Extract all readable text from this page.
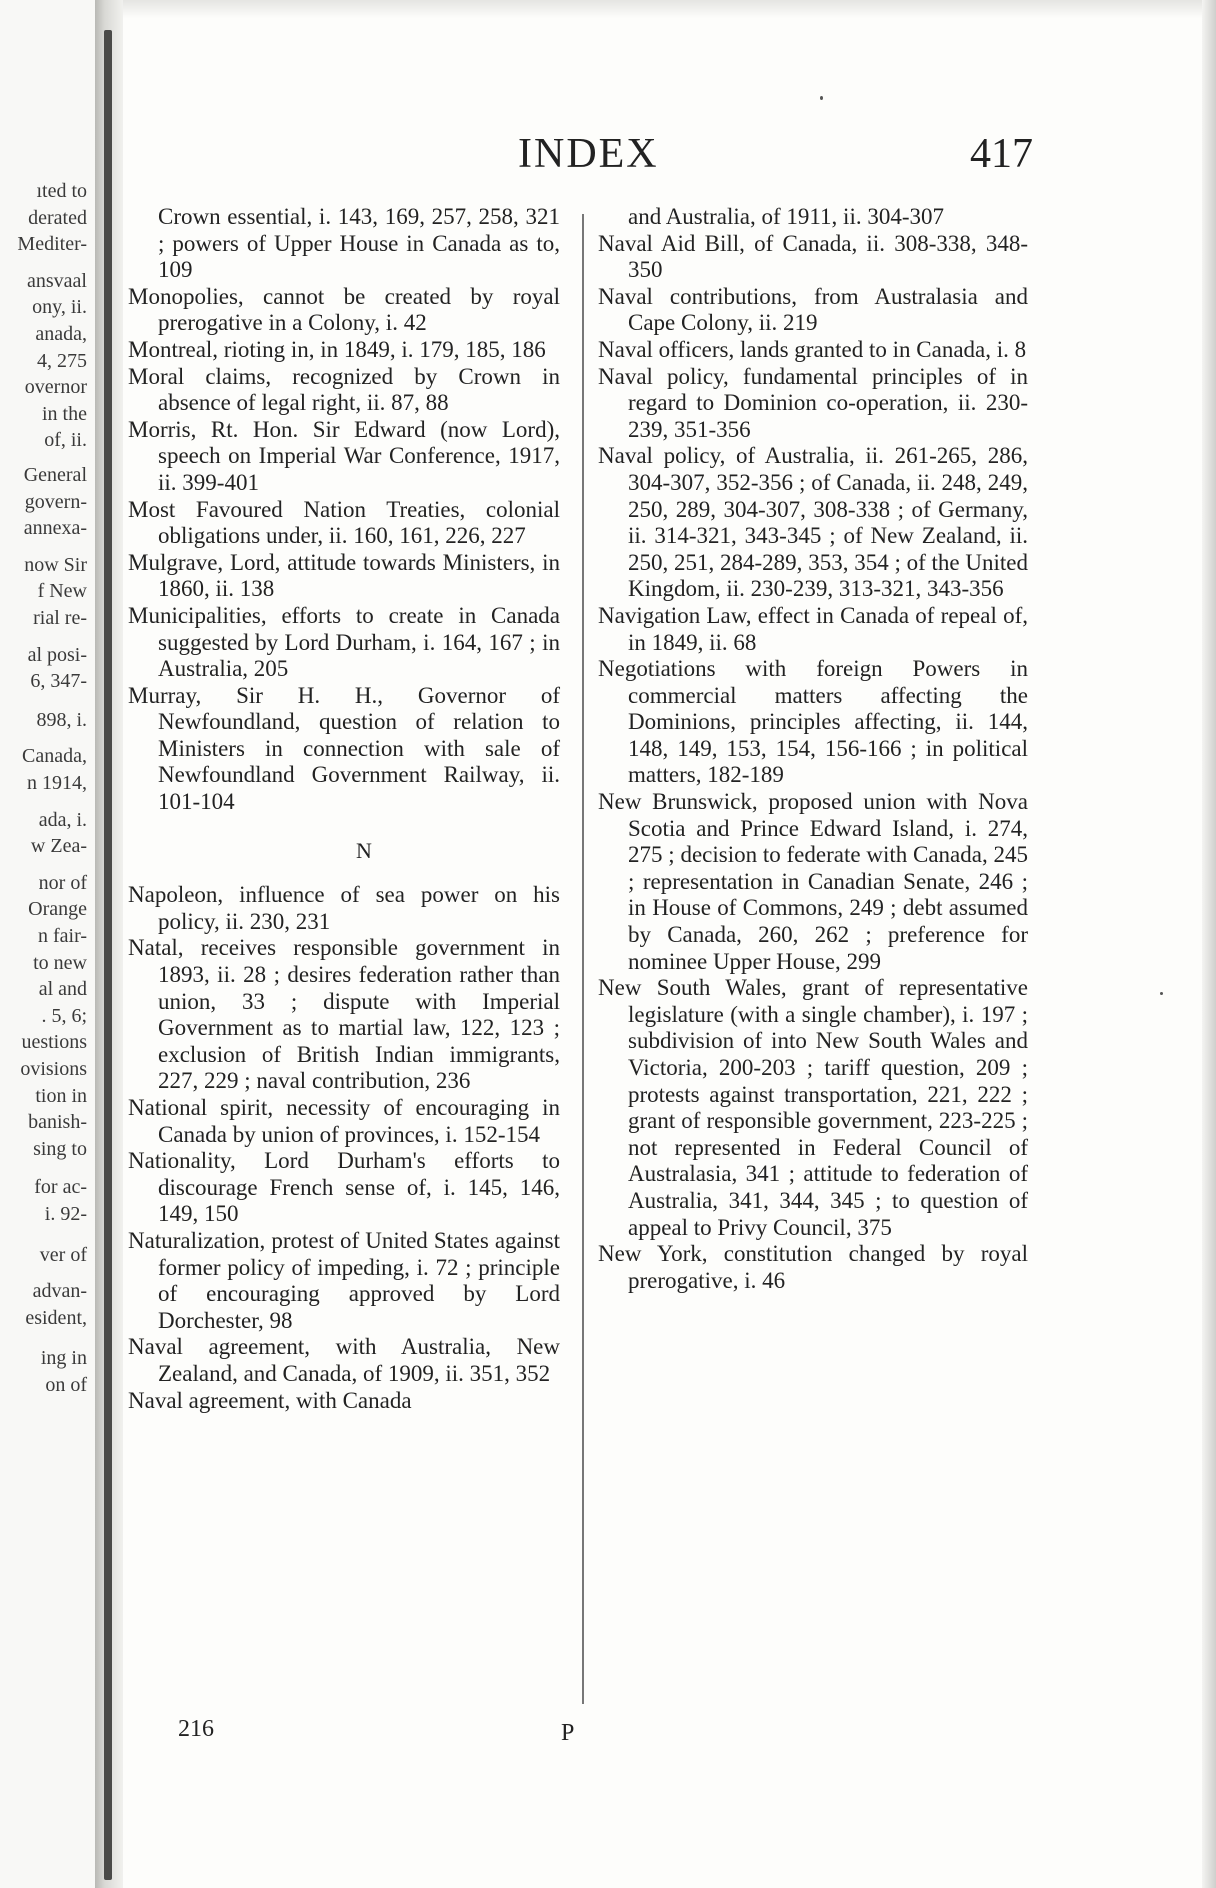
ıted to
derated
Mediter-
ansvaal
ony, ii.
anada,
4, 275
overnor
in the
of, ii.
General
govern-
annexa-
now Sir
f New
rial re-
al posi-
6, 347-
898, i.
Canada,
n 1914,
ada, i.
w Zea-
nor of
Orange
n fair-
to new
al and
. 5, 6;
uestions
ovisions
tion in
banish-
sing to
for ac-
i. 92-
ver of
advan-
esident,
ing in
on of
INDEX	417

Crown essential, i. 143, 169, 257, 258, 321 ; powers of Upper House in Canada as to, 109

Monopolies, cannot be created by royal prerogative in a Colony, i. 42

Montreal, rioting in, in 1849, i. 179, 185, 186

Moral claims, recognized by Crown in absence of legal right, ii. 87, 88

Morris, Rt. Hon. Sir Edward (now Lord), speech on Imperial War Conference, 1917, ii. 399-401

Most Favoured Nation Treaties, colonial obligations under, ii. 160, 161, 226, 227

Mulgrave, Lord, attitude towards Ministers, in 1860, ii. 138

Municipalities, efforts to create in Canada suggested by Lord Durham, i. 164, 167 ; in Australia, 205

Murray, Sir H. H., Governor of Newfoundland, question of relation to Ministers in connection with sale of Newfoundland Government Railway, ii. 101-104

N

Napoleon, influence of sea power on his policy, ii. 230, 231

Natal, receives responsible government in 1893, ii. 28 ; desires federation rather than union, 33 ; dispute with Imperial Government as to martial law, 122, 123 ; exclusion of British Indian immigrants, 227, 229 ; naval contribution, 236

National spirit, necessity of encouraging in Canada by union of provinces, i. 152-154

Nationality, Lord Durham's efforts to discourage French sense of, i. 145, 146, 149, 150

Naturalization, protest of United States against former policy of impeding, i. 72 ; principle of encouraging approved by Lord Dorchester, 98

Naval agreement, with Australia, New Zealand, and Canada, of 1909, ii. 351, 352

Naval agreement, with Canada

and Australia, of 1911, ii. 304-307

Naval Aid Bill, of Canada, ii. 308-338, 348-350

Naval contributions, from Australasia and Cape Colony, ii. 219

Naval officers, lands granted to in Canada, i. 8

Naval policy, fundamental principles of in regard to Dominion co-operation, ii. 230-239, 351-356

Naval policy, of Australia, ii. 261-265, 286, 304-307, 352-356 ; of Canada, ii. 248, 249, 250, 289, 304-307, 308-338 ; of Germany, ii. 314-321, 343-345 ; of New Zealand, ii. 250, 251, 284-289, 353, 354 ; of the United Kingdom, ii. 230-239, 313-321, 343-356

Navigation Law, effect in Canada of repeal of, in 1849, ii. 68

Negotiations with foreign Powers in commercial matters affecting the Dominions, principles affecting, ii. 144, 148, 149, 153, 154, 156-166 ; in political matters, 182-189

New Brunswick, proposed union with Nova Scotia and Prince Edward Island, i. 274, 275 ; decision to federate with Canada, 245 ; representation in Canadian Senate, 246 ; in House of Commons, 249 ; debt assumed by Canada, 260, 262 ; preference for nominee Upper House, 299

New South Wales, grant of representative legislature (with a single chamber), i. 197 ; subdivision of into New South Wales and Victoria, 200-203 ; tariff question, 209 ; protests against transportation, 221, 222 ; grant of responsible government, 223-225 ; not represented in Federal Council of Australasia, 341 ; attitude to federation of Australia, 341, 344, 345 ; to question of appeal to Privy Council, 375

New York, constitution changed by royal prerogative, i. 46

216	P
